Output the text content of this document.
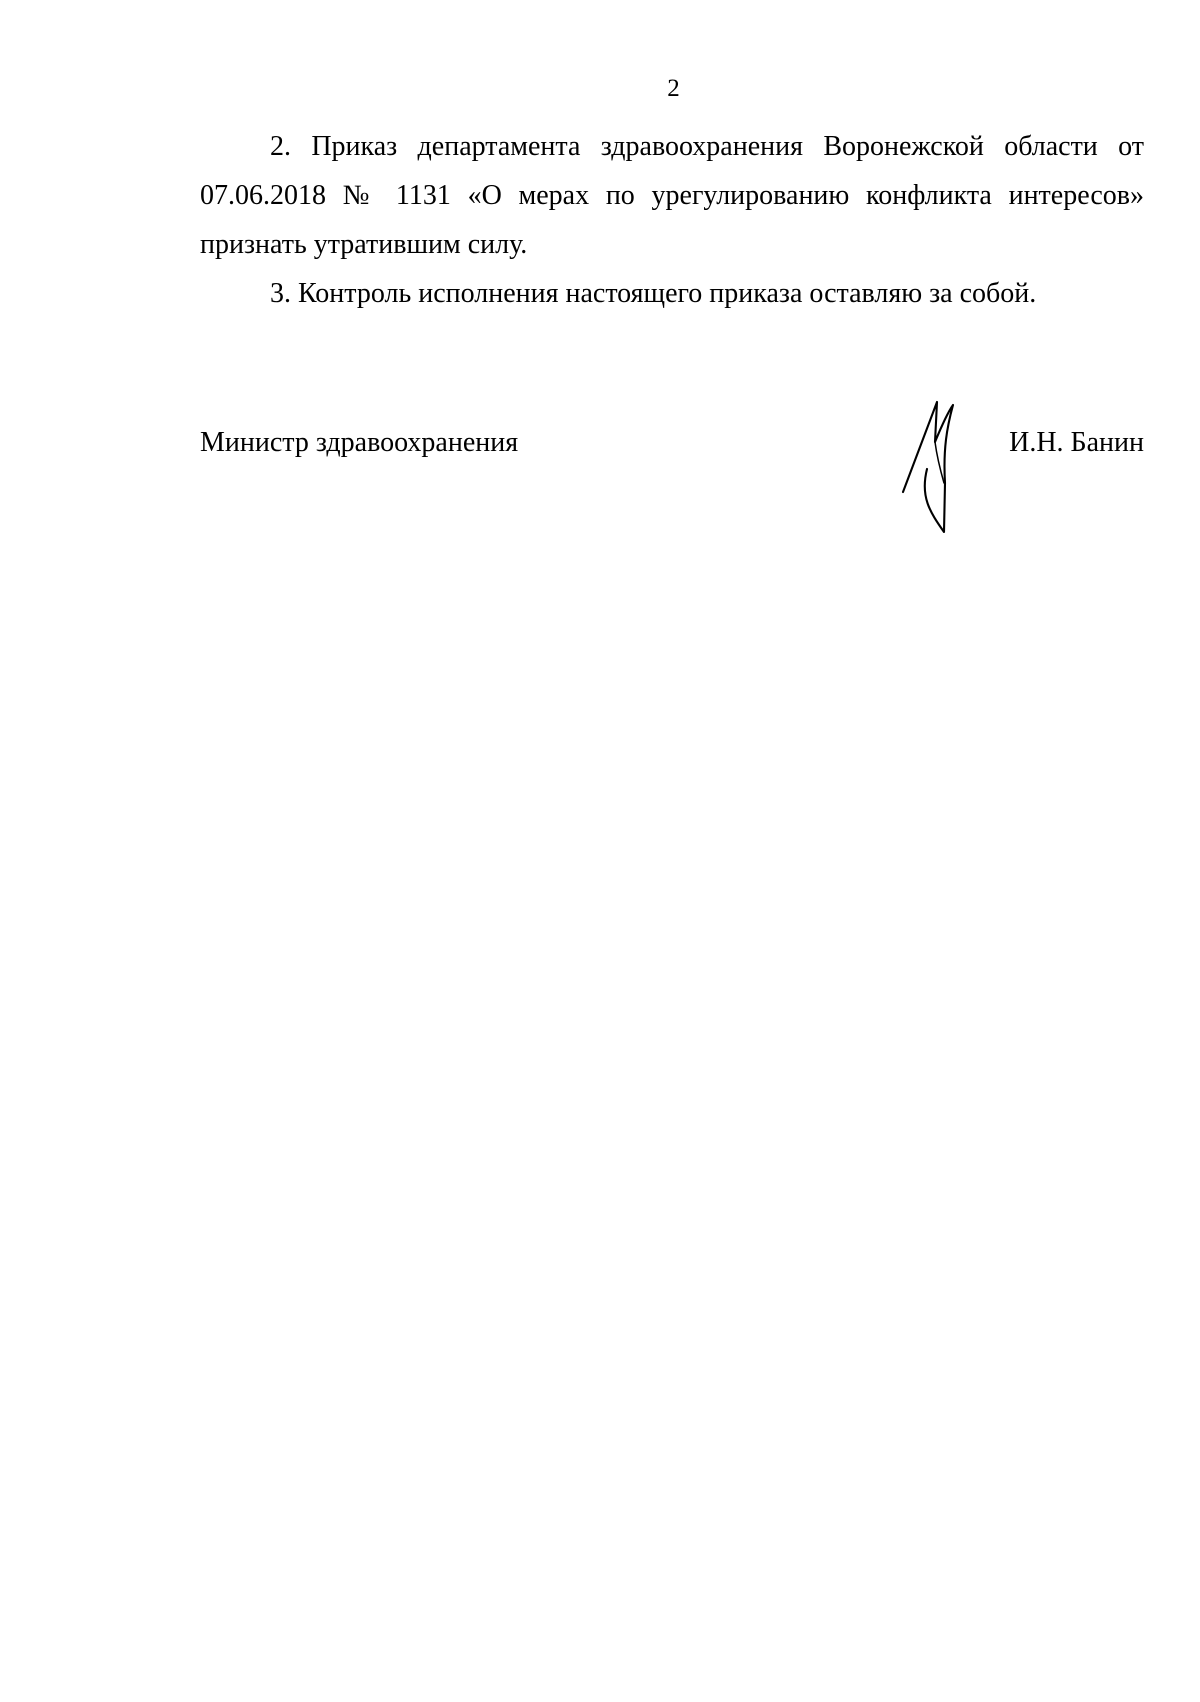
2

2. Приказ департамента здравоохранения Воронежской области от 07.06.2018 № 1131 «О мерах по урегулированию конфликта интересов» признать утратившим силу.

3. Контроль исполнения настоящего приказа оставляю за собой.

Министр здравоохранения	И.Н. Банин
